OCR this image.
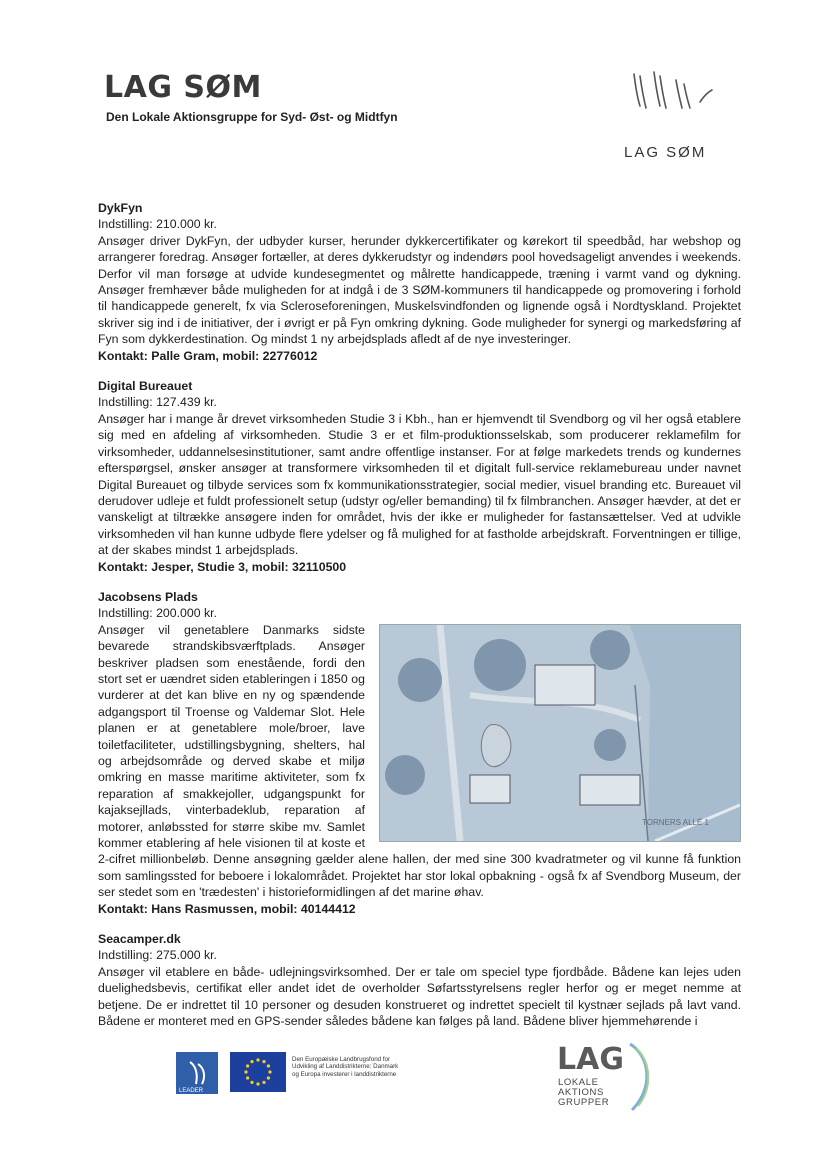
LAG SØM
Den Lokale Aktionsgruppe for Syd- Øst- og Midtfyn
LAG SØM
DykFyn
Indstilling: 210.000 kr.

Ansøger driver DykFyn, der udbyder kurser, herunder dykkercertifikater og kørekort til speedbåd, har webshop og arrangerer foredrag. Ansøger fortæller, at deres dykkerudstyr og indendørs pool hovedsageligt anvendes i weekends. Derfor vil man forsøge at udvide kundesegmentet og målrette handicappede, træning i varmt vand og dykning. Ansøger fremhæver både muligheden for at indgå i de 3 SØM-kommuners til handicappede og promovering i forhold til handicappede generelt, fx via Scleroseforeningen, Muskelsvindfonden og lignende også i Nordtyskland. Projektet skriver sig ind i de initiativer, der i øvrigt er på Fyn omkring dykning. Gode muligheder for synergi og markedsføring af Fyn som dykkerdestination. Og mindst 1 ny arbejdsplads afledt af de nye investeringer.

Kontakt: Palle Gram, mobil: 22776012
Digital Bureauet
Indstilling: 127.439 kr.

Ansøger har i mange år drevet virksomheden Studie 3 i Kbh., han er hjemvendt til Svendborg og vil her også etablere sig med en afdeling af virksomheden. Studie 3 er et film-produktionsselskab, som producerer reklamefilm for virksomheder, uddannelsesinstitutioner, samt andre offentlige instanser. For at følge markedets trends og kundernes efterspørgsel, ønsker ansøger at transformere virksomheden til et digitalt full-service reklamebureau under navnet Digital Bureauet og tilbyde services som fx kommunikationsstrategier, social medier, visuel branding etc. Bureauet vil derudover udleje et fuldt professionelt setup (udstyr og/eller bemanding) til fx filmbranchen. Ansøger hævder, at det er vanskeligt at tiltrække ansøgere inden for området, hvis der ikke er muligheder for fastansættelser. Ved at udvikle virksomheden vil han kunne udbyde flere ydelser og få mulighed for at fastholde arbejdskraft. Forventningen er tillige, at der skabes mindst 1 arbejdsplads.

Kontakt: Jesper, Studie 3, mobil: 32110500
Jacobsens Plads
Indstilling: 200.000 kr.
TORNERS ALLÉ 1

Ansøger vil genetablere Danmarks sidste bevarede strandskibsværftplads. Ansøger beskriver pladsen som enestående, fordi den stort set er uændret siden etableringen i 1850 og vurderer at det kan blive en ny og spændende adgangsport til Troense og Valdemar Slot. Hele planen er at genetablere mole/broer, lave toiletfaciliteter, udstillingsbygning, shelters, hal og arbejdsområde og derved skabe et miljø omkring en masse maritime aktiviteter, som fx reparation af smakkejoller, udgangspunkt for kajaksejllads, vinterbadeklub, reparation af motorer, anløbssted for større skibe mv. Samlet kommer etablering af hele visionen til at koste et 2-cifret millionbeløb. Denne ansøgning gælder alene hallen, der med sine 300 kvadratmeter og vil kunne få funktion som samlingssted for beboere i lokalområdet. Projektet har stor lokal opbakning - også fx af Svendborg Museum, der ser stedet som en 'trædesten' i historieformidlingen af det marine øhav.

Kontakt: Hans Rasmussen, mobil: 40144412
Seacamper.dk
Indstilling: 275.000 kr.

Ansøger vil etablere en både- udlejningsvirksomhed. Der er tale om speciel type fjordbåde. Bådene kan lejes uden duelighedsbevis, certifikat eller andet idet de overholder Søfartsstyrelsens regler herfor og er meget nemme at betjene. De er indrettet til 10 personer og desuden konstrueret og indrettet specielt til kystnær sejlads på lavt vand. Bådene er monteret med en GPS-sender således bådene kan følges på land. Bådene bliver hjemmehørende i

LEADER
Den Europæiske Landbrugsfond for Udvikling af Landdistrikterne: Danmark og Europa investerer i landdistrikterne	LAG
LOKALE
AKTIONS
GRUPPER
